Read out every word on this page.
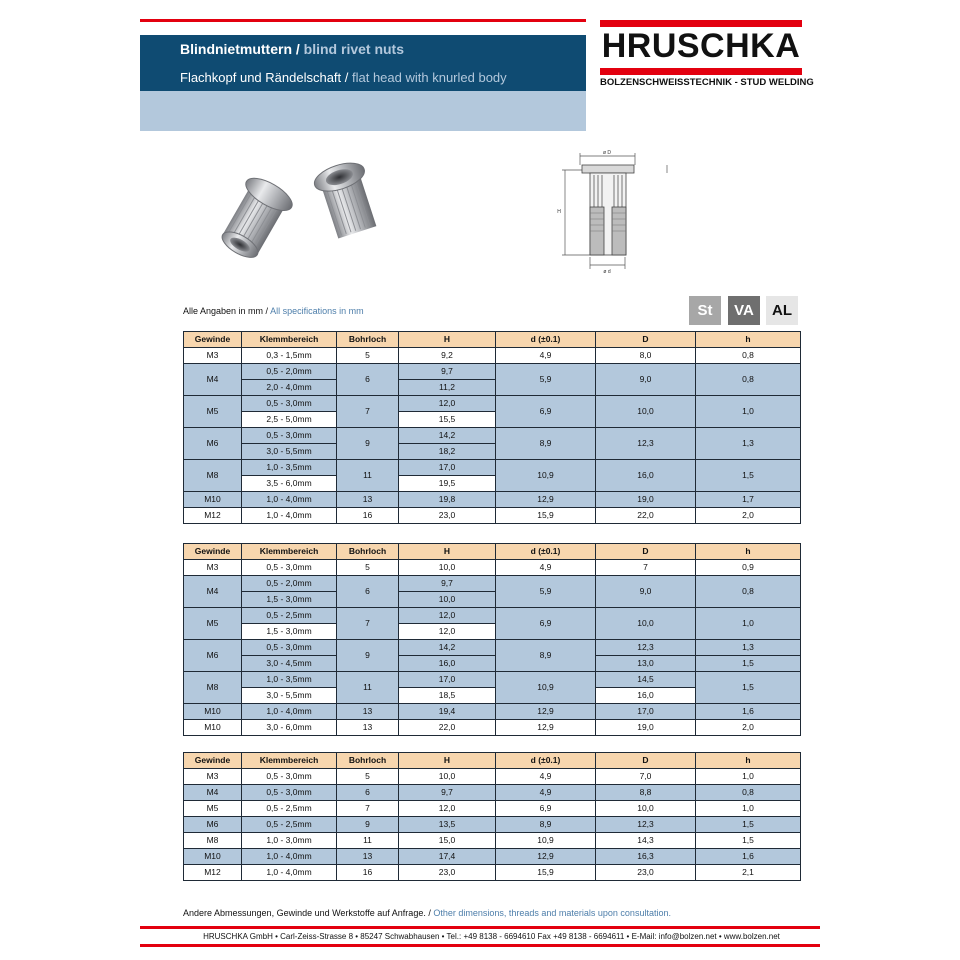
Blindnietmuttern / blind rivet nuts
Flachkopf und Rändelschaft / flat head with knurled body
HRUSCHKA
BOLZENSCHWEISSTECHNIK - STUD WELDING
ø D
H
ø d
Alle Angaben in mm / All specifications in mm	St	VA	AL
Gewinde	Klemmbereich	Bohrloch	H	d (±0.1)	D	h
M3	0,3 - 1,5mm	5	9,2	4,9	8,0	0,8
M4	0,5 - 2,0mm	6	9,7	5,9	9,0	0,8
	2,0 - 4,0mm		11,2			
M5	0,5 - 3,0mm	7	12,0	6,9	10,0	1,0
	2,5 - 5,0mm		15,5			
M6	0,5 - 3,0mm	9	14,2	8,9	12,3	1,3
	3,0 - 5,5mm		18,2			
M8	1,0 - 3,5mm	11	17,0	10,9	16,0	1,5
	3,5 - 6,0mm		19,5			
M10	1,0 - 4,0mm	13	19,8	12,9	19,0	1,7
M12	1,0 - 4,0mm	16	23,0	15,9	22,0	2,0
Gewinde	Klemmbereich	Bohrloch	H	d (±0.1)	D	h
M3	0,5 - 3,0mm	5	10,0	4,9	7	0,9
M4	0,5 - 2,0mm	6	9,7	5,9	9,0	0,8
	1,5 - 3,0mm		10,0			
M5	0,5 - 2,5mm	7	12,0	6,9	10,0	1,0
	1,5 - 3,0mm		12,0			
M6	0,5 - 3,0mm	9	14,2	8,9	12,3	1,3
	3,0 - 4,5mm		16,0		13,0	1,5
M8	1,0 - 3,5mm	11	17,0	10,9	14,5	1,5
	3,0 - 5,5mm		18,5		16,0	
M10	1,0 - 4,0mm	13	19,4	12,9	17,0	1,6
M10	3,0 - 6,0mm	13	22,0	12,9	19,0	2,0
Gewinde	Klemmbereich	Bohrloch	H	d (±0.1)	D	h
M3	0,5 - 3,0mm	5	10,0	4,9	7,0	1,0
M4	0,5 - 3,0mm	6	9,7	4,9	8,8	0,8
M5	0,5 - 2,5mm	7	12,0	6,9	10,0	1,0
M6	0,5 - 2,5mm	9	13,5	8,9	12,3	1,5
M8	1,0 - 3,0mm	11	15,0	10,9	14,3	1,5
M10	1,0 - 4,0mm	13	17,4	12,9	16,3	1,6
M12	1,0 - 4,0mm	16	23,0	15,9	23,0	2,1
Andere Abmessungen, Gewinde und Werkstoffe auf Anfrage. / Other dimensions, threads and materials upon consultation.
HRUSCHKA GmbH • Carl-Zeiss-Strasse 8 • 85247 Schwabhausen • Tel.: +49 8138 - 6694610 Fax +49 8138 - 6694611 • E-Mail: info@bolzen.net • www.bolzen.net
